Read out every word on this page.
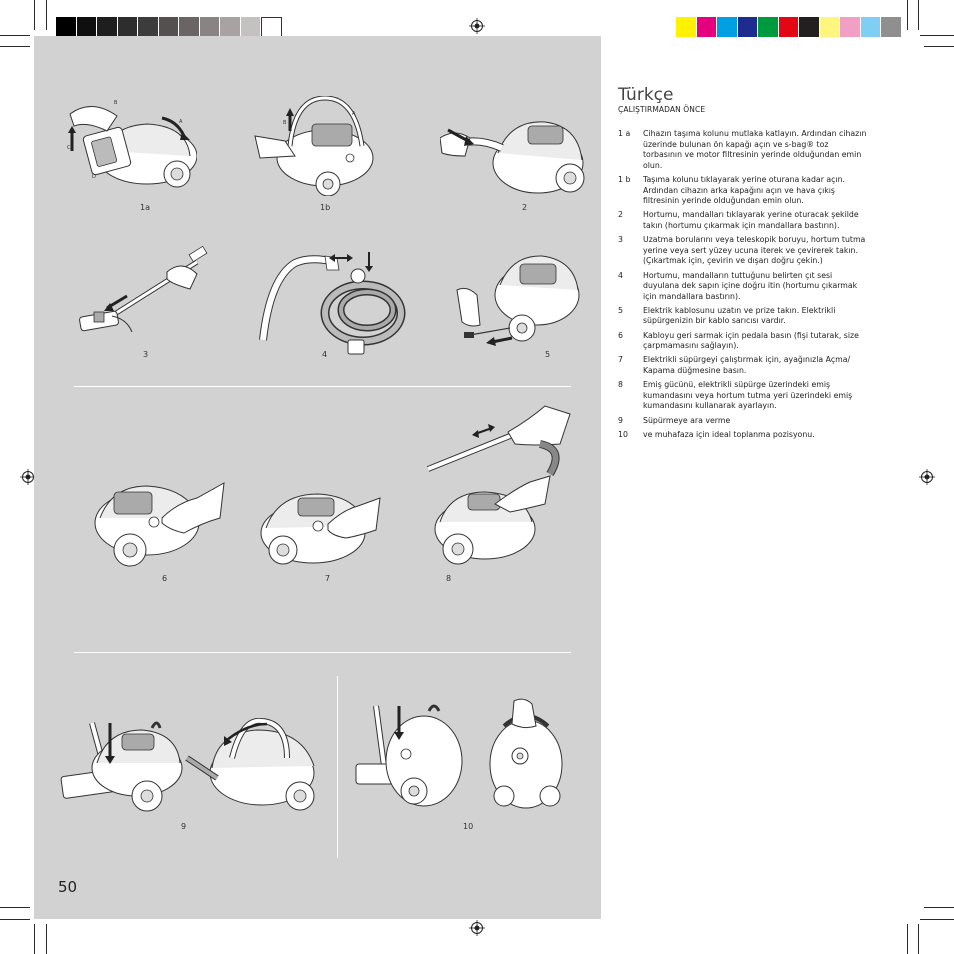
B
A
C
D
1a
B
A
1b	2
3	4	5
6	7	8
9	10
50
Türkçe
ÇALIŞTIRMADAN ÖNCE
1 a	Cihazın taşıma kolunu mutlaka katlayın. Ardından cihazın üzerinde bulunan ön kapağı açın ve s-bag® toz torbasının ve motor filtresinin yerinde olduğundan emin olun.
1 b	Taşıma kolunu tıklayarak yerine oturana kadar açın. Ardından cihazın arka kapağını açın ve hava çıkış filtresinin yerinde olduğundan emin olun.
2	Hortumu, mandalları tıklayarak yerine oturacak şekilde takın (hortumu çıkarmak için mandallara bastırın).
3	Uzatma borularını veya teleskopik boruyu, hortum tutma yerine veya sert yüzey ucuna iterek ve çevirerek takın. (Çıkartmak için, çevirin ve dışarı doğru çekin.)
4	Hortumu, mandalların tuttuğunu belirten çıt sesi duyulana dek sapın içine doğru itin (hortumu çıkarmak için mandallara bastırın).
5	Elektrik kablosunu uzatın ve prize takın. Elektrikli süpürgenizin bir kablo sarıcısı vardır.
6	Kabloyu geri sarmak için pedala basın (fişi tutarak, size çarpmamasını sağlayın).
7	Elektrikli süpürgeyi çalıştırmak için, ayağınızla Açma/ Kapama düğmesine basın.
8	Emiş gücünü, elektrikli süpürge üzerindeki emiş kumandasını veya hortum tutma yeri üzerindeki emiş kumandasını kullanarak ayarlayın.
9	Süpürmeye ara verme
10	ve muhafaza için ideal toplanma pozisyonu.
